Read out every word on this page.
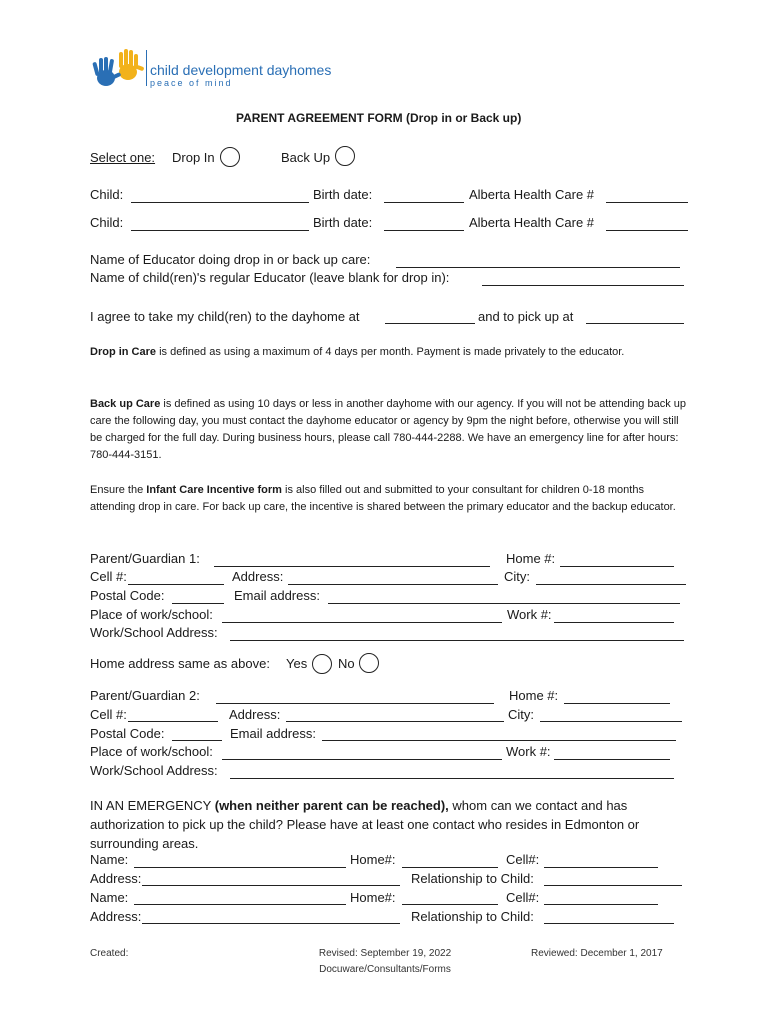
child development dayhomes
peace of mind
PARENT AGREEMENT FORM (Drop in or Back up)
Select one: Drop In	Back Up
Child:	Birth date:	Alberta Health Care #
Child:	Birth date:	Alberta Health Care #
Name of Educator doing drop in or back up care:
Name of child(ren)'s regular Educator (leave blank for drop in):
I agree to take my child(ren) to the dayhome at	and to pick up at
Drop in Care is defined as using a maximum of 4 days per month. Payment is made privately to the educator.
Back up Care is defined as using 10 days or less in another dayhome with our agency. If you will not be attending back up care the following day, you must contact the dayhome educator or agency by 9pm the night before, otherwise you will still be charged for the full day. During business hours, please call 780-444-2288. We have an emergency line for after hours: 780-444-3151.
Ensure the Infant Care Incentive form is also filled out and submitted to your consultant for children 0-18 months attending drop in care. For back up care, the incentive is shared between the primary educator and the backup educator.
Parent/Guardian 1:	Home #:
Cell #:	Address:	City:
Postal Code:	Email address:
Place of work/school:	Work #:
Work/School Address:
Home address same as above: Yes No
Parent/Guardian 2:	Home #:
Cell #:	Address:	City:
Postal Code:	Email address:
Place of work/school:	Work #:
Work/School Address:
IN AN EMERGENCY (when neither parent can be reached), whom can we contact and has authorization to pick up the child? Please have at least one contact who resides in Edmonton or surrounding areas.
Name:	Home#:	Cell#:
Address:	Relationship to Child:
Name:	Home#:	Cell#:
Address:	Relationship to Child:
Created:	Revised: September 19, 2022
Docuware/Consultants/Forms
Reviewed: December 1, 2017
